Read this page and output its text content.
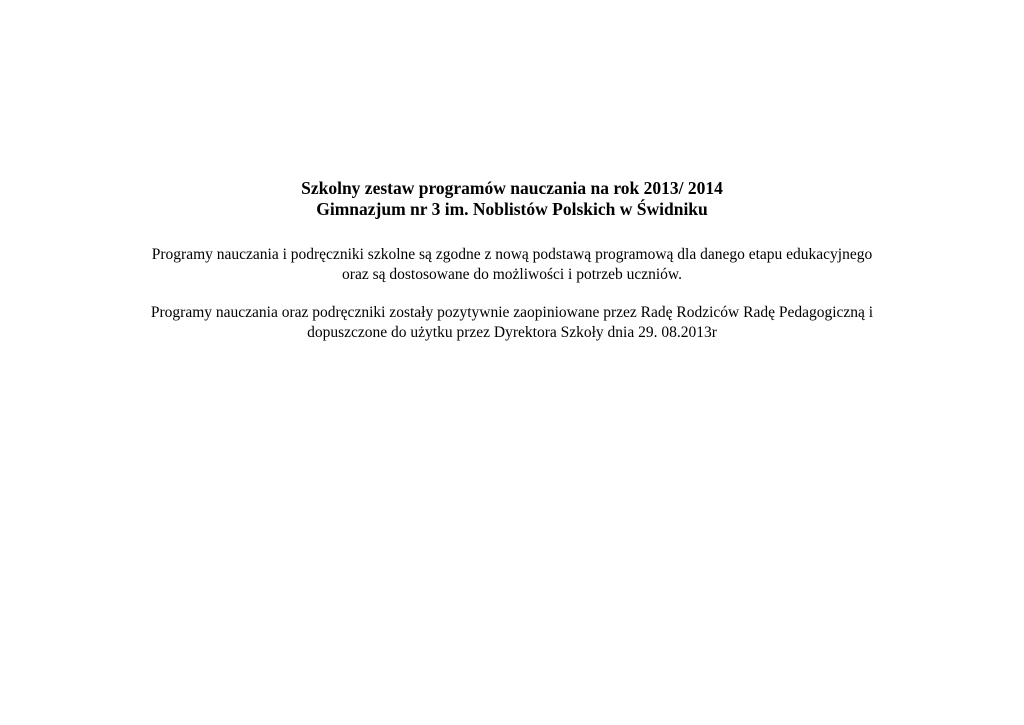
Szkolny zestaw programów nauczania na rok 2013/ 2014
Gimnazjum nr 3 im. Noblistów Polskich w Świdniku

Programy nauczania i podręczniki szkolne są zgodne z nową podstawą programową dla danego etapu edukacyjnego
oraz są dostosowane do możliwości i potrzeb uczniów.

Programy nauczania oraz podręczniki zostały pozytywnie zaopiniowane przez Radę Rodziców Radę Pedagogiczną i
dopuszczone do użytku przez Dyrektora Szkoły dnia 29. 08.2013r
